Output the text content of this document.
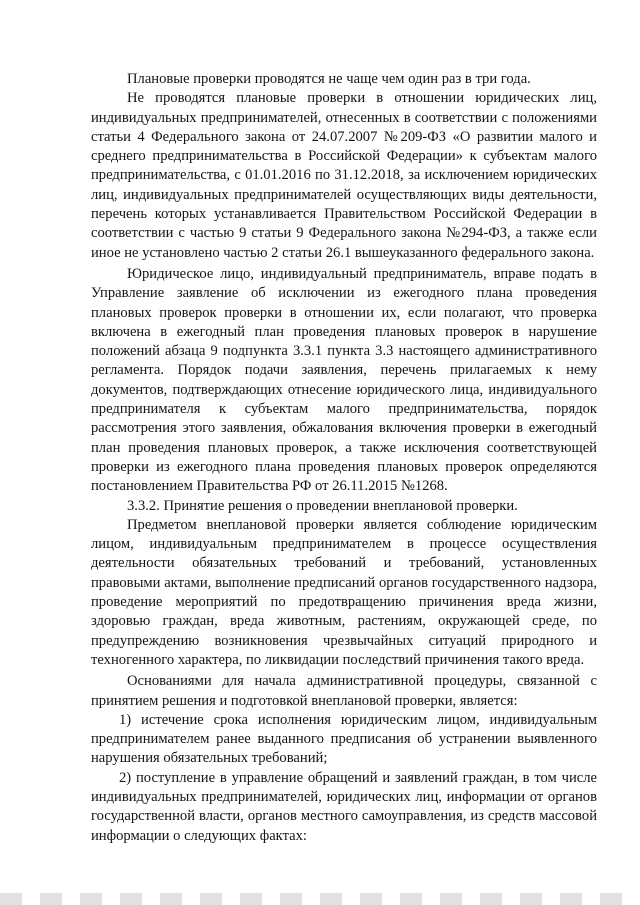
Плановые проверки проводятся не чаще чем один раз в три года.

Не проводятся плановые проверки в отношении юридических лиц, индивидуальных предпринимателей, отнесенных в соответствии с положениями статьи 4 Федерального закона от 24.07.2007 №209-ФЗ «О развитии малого и среднего предпринимательства в Российской Федерации» к субъектам малого предпринимательства, с 01.01.2016 по 31.12.2018, за исключением юридических лиц, индивидуальных предпринимателей осуществляющих виды деятельности, перечень которых устанавливается Правительством Российской Федерации в соответствии с частью 9 статьи 9 Федерального закона №294-ФЗ, а также если иное не установлено частью 2 статьи 26.1 вышеуказанного федерального закона.

Юридическое лицо, индивидуальный предприниматель, вправе подать в Управление заявление об исключении из ежегодного плана проведения плановых проверок проверки в отношении их, если полагают, что проверка включена в ежегодный план проведения плановых проверок в нарушение положений абзаца 9 подпункта 3.3.1 пункта 3.3 настоящего административного регламента. Порядок подачи заявления, перечень прилагаемых к нему документов, подтверждающих отнесение юридического лица, индивидуального предпринимателя к субъектам малого предпринимательства, порядок рассмотрения этого заявления, обжалования включения проверки в ежегодный план проведения плановых проверок, а также исключения соответствующей проверки из ежегодного плана проведения плановых проверок определяются постановлением Правительства РФ от 26.11.2015 №1268.

3.3.2. Принятие решения о проведении внеплановой проверки.

Предметом внеплановой проверки является соблюдение юридическим лицом, индивидуальным предпринимателем в процессе осуществления деятельности обязательных требований и требований, установленных правовыми актами, выполнение предписаний органов государственного надзора, проведение мероприятий по предотвращению причинения вреда жизни, здоровью граждан, вреда животным, растениям, окружающей среде, по предупреждению возникновения чрезвычайных ситуаций природного и техногенного характера, по ликвидации последствий причинения такого вреда.

Основаниями для начала административной процедуры, связанной с принятием решения и подготовкой внеплановой проверки, является:

1) истечение срока исполнения юридическим лицом, индивидуальным предпринимателем ранее выданного предписания об устранении выявленного нарушения обязательных требований;

2) поступление в управление обращений и заявлений граждан, в том числе индивидуальных предпринимателей, юридических лиц, информации от органов государственной власти, органов местного самоуправления, из средств массовой информации о следующих фактах:
